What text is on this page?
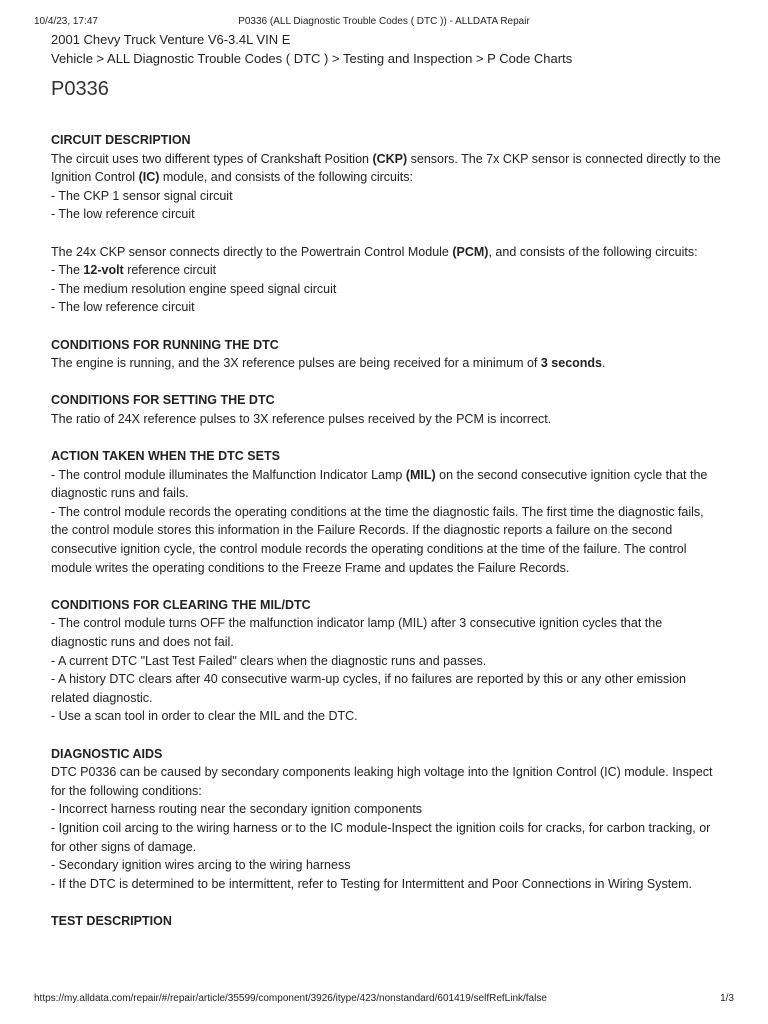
10/4/23, 17:47	P0336 (ALL Diagnostic Trouble Codes ( DTC )) - ALLDATA Repair
2001 Chevy Truck Venture V6-3.4L VIN E
Vehicle > ALL Diagnostic Trouble Codes ( DTC ) > Testing and Inspection > P Code Charts
P0336
CIRCUIT DESCRIPTION

The circuit uses two different types of Crankshaft Position (CKP) sensors. The 7x CKP sensor is connected directly to the Ignition Control (IC) module, and consists of the following circuits:

- The CKP 1 sensor signal circuit

- The low reference circuit

The 24x CKP sensor connects directly to the Powertrain Control Module (PCM), and consists of the following circuits:

- The 12-volt reference circuit

- The medium resolution engine speed signal circuit

- The low reference circuit

CONDITIONS FOR RUNNING THE DTC

The engine is running, and the 3X reference pulses are being received for a minimum of 3 seconds.

CONDITIONS FOR SETTING THE DTC

The ratio of 24X reference pulses to 3X reference pulses received by the PCM is incorrect.

ACTION TAKEN WHEN THE DTC SETS

- The control module illuminates the Malfunction Indicator Lamp (MIL) on the second consecutive ignition cycle that the diagnostic runs and fails.

- The control module records the operating conditions at the time the diagnostic fails. The first time the diagnostic fails, the control module stores this information in the Failure Records. If the diagnostic reports a failure on the second consecutive ignition cycle, the control module records the operating conditions at the time of the failure. The control module writes the operating conditions to the Freeze Frame and updates the Failure Records.

CONDITIONS FOR CLEARING THE MIL/DTC

- The control module turns OFF the malfunction indicator lamp (MIL) after 3 consecutive ignition cycles that the diagnostic runs and does not fail.

- A current DTC "Last Test Failed" clears when the diagnostic runs and passes.

- A history DTC clears after 40 consecutive warm-up cycles, if no failures are reported by this or any other emission related diagnostic.

- Use a scan tool in order to clear the MIL and the DTC.

DIAGNOSTIC AIDS

DTC P0336 can be caused by secondary components leaking high voltage into the Ignition Control (IC) module. Inspect for the following conditions:

- Incorrect harness routing near the secondary ignition components

- Ignition coil arcing to the wiring harness or to the IC module-Inspect the ignition coils for cracks, for carbon tracking, or for other signs of damage.

- Secondary ignition wires arcing to the wiring harness

- If the DTC is determined to be intermittent, refer to Testing for Intermittent and Poor Connections in Wiring System.

TEST DESCRIPTION
https://my.alldata.com/repair/#/repair/article/35599/component/3926/itype/423/nonstandard/601419/selfRefLink/false	1/3
